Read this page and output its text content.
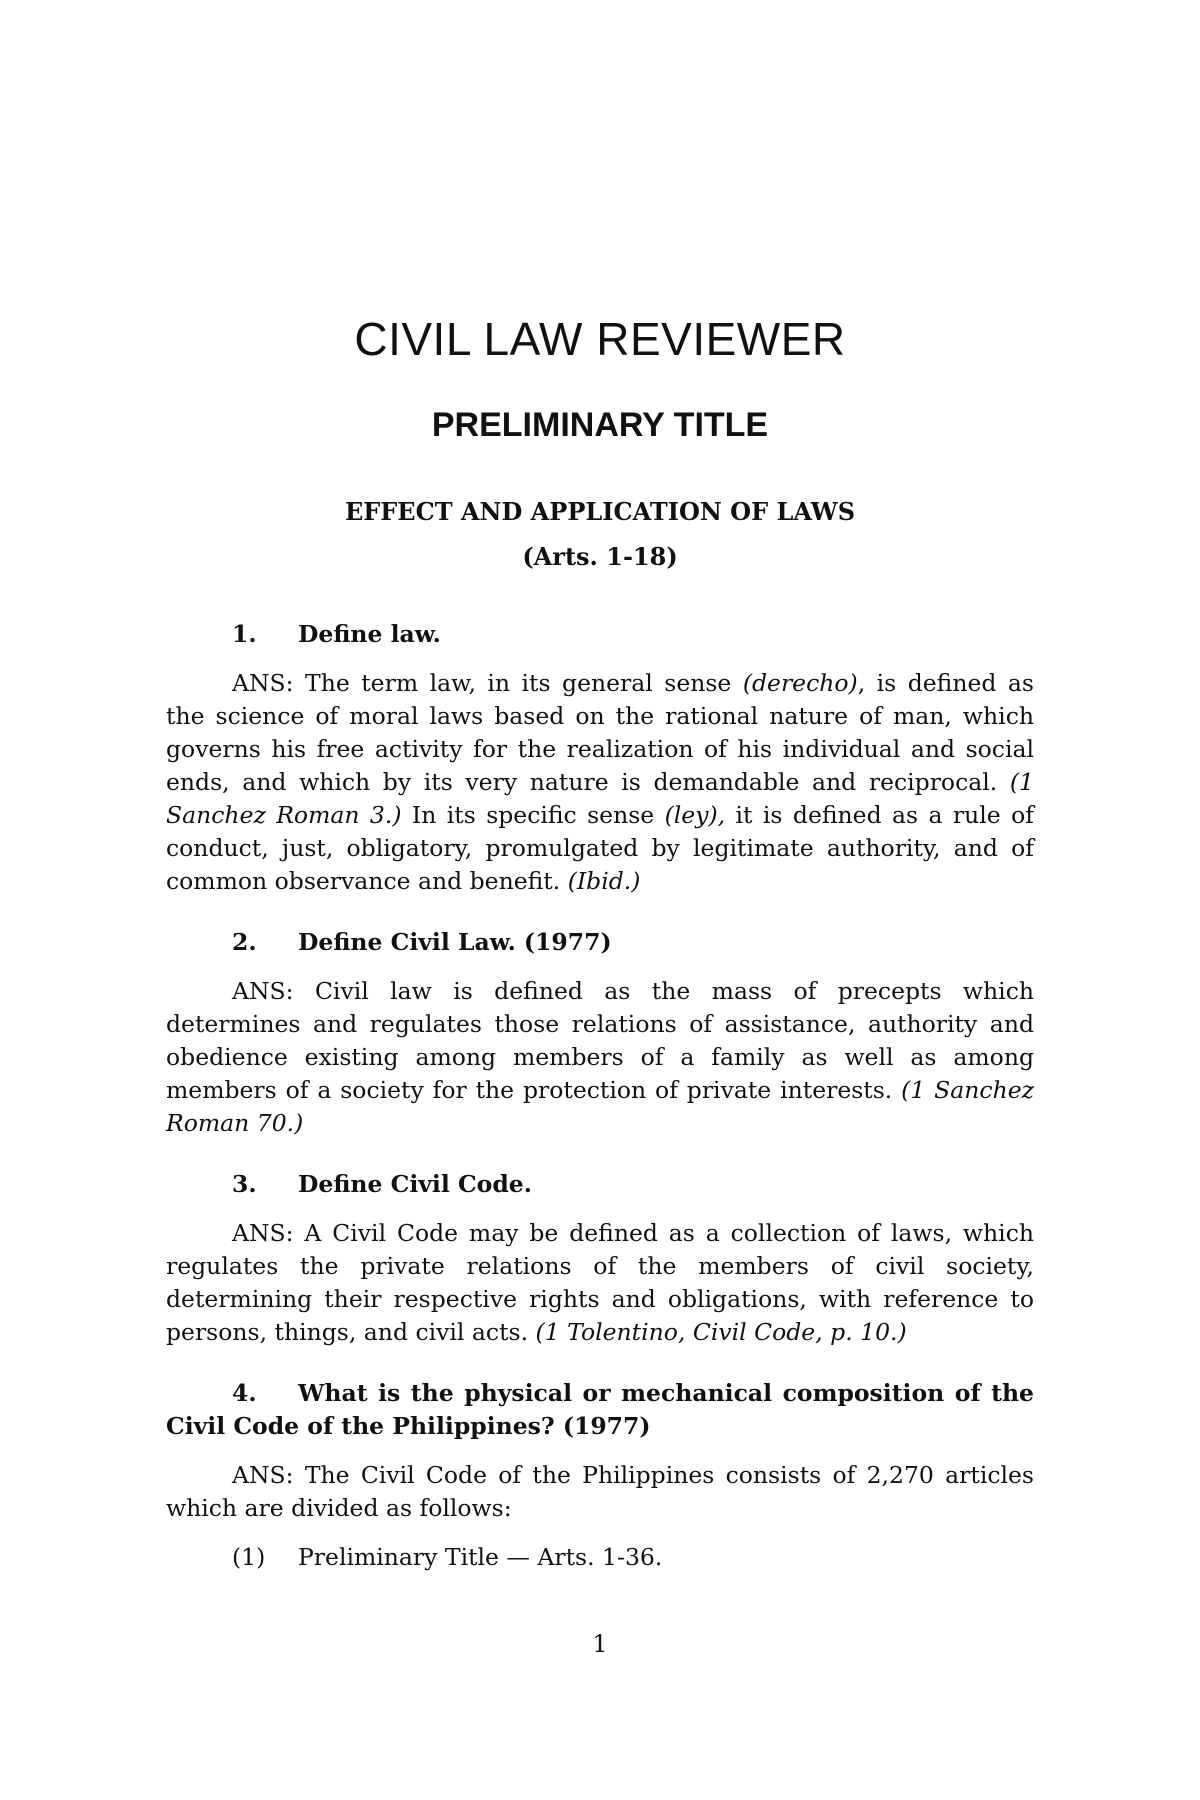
CIVIL LAW REVIEWER
PRELIMINARY TITLE
EFFECT AND APPLICATION OF LAWS
(Arts. 1-18)

1. Define law.

ANS: The term law, in its general sense (derecho), is defined as the science of moral laws based on the rational nature of man, which governs his free activity for the realization of his individual and social ends, and which by its very nature is demandable and reciprocal. (1 Sanchez Roman 3.) In its specific sense (ley), it is defined as a rule of conduct, just, obligatory, promulgated by legitimate authority, and of common observance and benefit. (Ibid.)

2. Define Civil Law. (1977)

ANS: Civil law is defined as the mass of precepts which determines and regulates those relations of assistance, authority and obedience existing among members of a family as well as among members of a society for the protection of private interests. (1 Sanchez Roman 70.)

3. Define Civil Code.

ANS: A Civil Code may be defined as a collection of laws, which regulates the private relations of the members of civil society, determining their respective rights and obligations, with reference to persons, things, and civil acts. (1 Tolentino, Civil Code, p. 10.)

4. What is the physical or mechanical composition of the Civil Code of the Philippines? (1977)

ANS: The Civil Code of the Philippines consists of 2,270 articles which are divided as follows:

(1) Preliminary Title — Arts. 1-36.

1
